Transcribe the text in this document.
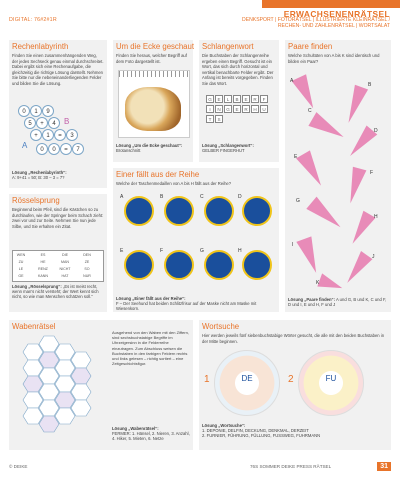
ERWACHSENENRÄTSEL
DIGITAL: 76#2#1R	DENKSPORT | FOTORÄTSEL | ILLUSTRIERTE KLEINRÄTSEL /
RECHEN- UND ZAHLENRÄTSEL | WORTSALAT
Rechenlabyrinth
Finden Sie einen zusammenhängenden Weg, der jedes Sechseck genau einmal durchschreitet. Dabei ergibt sich eine Rechenaufgabe, die gleichzeitig die richtige Lösung darstellt. Nehmen Sie bitte nur die nebeneinanderliegenden Felder und bilden Sie die Lösung.
0	1	9
5	+	4	B
+	1	=	3
A	0	0	=	7
Lösung „Rechenlabyrinth“:
A: 9+41 = 50; B: 30 – 3 = 7?
Um die Ecke geschaut
Finden Sie heraus, welcher Begriff auf dem Foto dargestellt ist.
Lösung „Um die Ecke geschaut“:
Brotanschnitt
Schlangenwort
Die Buchstaben der Schlangenreihe ergeben einen Begriff. Gesucht ist ein Wort, das sich durch horizontal und vertikal benachbarte Felder ergibt. Der Anfang ist bereits vorgegeben. Finden Sie das Wort.
G	E	L	B	E	R	F
I	N	G	E	R	H	U
T	S
Lösung „Schlangenwort“:
GELBER FINGERHUT
Paare finden
Welche Schultüten von A bis K sind identisch und bilden ein Paar?
A
B
C
D
E
F
G
H
I
J
K
Lösung „Paare finden“: A und G, B und K, C und F, D und I, E und H, F und J
Rösselsprung
Beginnend beim Pfeil, sind die Kästchen so zu durchlaufen, wie der Springer beim Schach zieht: zwei vor und zur Seite. Nehmen Sie nun jede Silbe, und Sie erhalten ein Zitat.
WEN	ES	DIE	DEN
ZU	HE	MAN	ZE
LE	RENZ	NICHT	SO
GE	KANN	HAT	NUR
Lösung „Rösselsprung“: „Es ist meist recht, wenn man's nicht versteht; der Wert kennt sich nicht, so wie man Menschen schätzen soll.“
Einer fällt aus der Reihe
Welche der Taschenmedaillen von A bis H fällt aus der Reihe?
A	B	C	D
E	F	G	H
Lösung „Einer fällt aus der Reihe“:
F – Der Seehund hat beiden Schlitzfrisur auf der Maske nicht am Maske mit Wiesenkorn.
Wabenrätsel
Ausgehend von den Waben mit den Ziffern, sind sechsbuchstabige Begriffe im Uhrzeigersinn in die Felderreihe einzutragen. Zum Abschluss weisen die Buchstaben in den farbigen Feldern rechts und links gelesen – richtig sortiert – eine Zeitgeschichtsfigur.
Lösung „Wabenrätsel“:
FERMER: 1. Hänsel, 2. Nieren, 3. Anzahl, 4. Hiker, 5. Mieten, 6. Netze
Wortsuche
Hier werden jeweils fünf siebenbuchstabige Wörter gesucht, die alle mit den beiden Buchstaben in der Mitte beginnen.
1	DE	2	FU
Lösung „Wortsuche“:
1. DEPONIE, DELFIN, DECKUNG, DENKMAL, DERZEIT
2. FURNIER, FÜHRUNG, FÜLLUNG, FUSSWEG, FUHRMANN
© DEIKE	76S SOMMER DEIKE PRESS RÄTSEL	31
